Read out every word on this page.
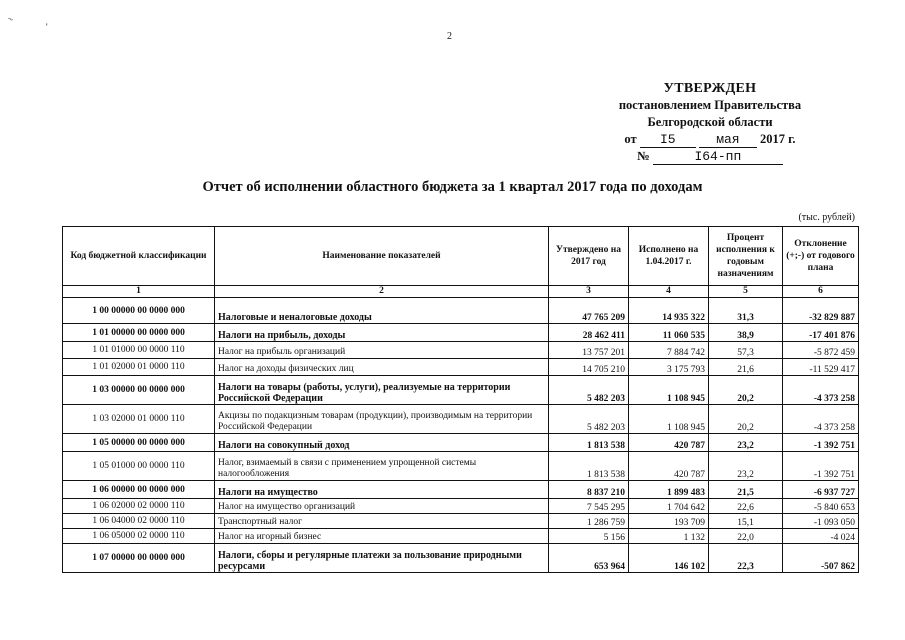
~
'
2
УТВЕРЖДЕН
постановлением Правительства
Белгородской области
от I5	мая 2017 г.
№	I64-пп
Отчет об исполнении областного бюджета за 1 квартал 2017 года по доходам
(тыс. рублей)
Код бюджетной классификации	Наименование показателей	Утверждено на 2017 год	Исполнено на 1.04.2017 г.	Процент исполнения к годовым назначениям	Отклонение (+;-) от годового плана
1	2	3	4	5	6
1 00 00000 00 0000 000	Налоговые и неналоговые доходы	47 765 209	14 935 322	31,3	-32 829 887
1 01 00000 00 0000 000	Налоги на прибыль, доходы	28 462 411	11 060 535	38,9	-17 401 876
1 01 01000 00 0000 110	Налог на прибыль организаций	13 757 201	7 884 742	57,3	-5 872 459
1 01 02000 01 0000 110	Налог на доходы физических лиц	14 705 210	3 175 793	21,6	-11 529 417
1 03 00000 00 0000 000	Налоги на товары (работы, услуги), реализуемые на территории Российской Федерации	5 482 203	1 108 945	20,2	-4 373 258
1 03 02000 01 0000 110	Акцизы по подакцизным товарам (продукции), производимым на территории Российской Федерации	5 482 203	1 108 945	20,2	-4 373 258
1 05 00000 00 0000 000	Налоги на совокупный доход	1 813 538	420 787	23,2	-1 392 751
1 05 01000 00 0000 110	Налог, взимаемый в связи с применением упрощенной системы налогообложения	1 813 538	420 787	23,2	-1 392 751
1 06 00000 00 0000 000	Налоги на имущество	8 837 210	1 899 483	21,5	-6 937 727
1 06 02000 02 0000 110	Налог на имущество организаций	7 545 295	1 704 642	22,6	-5 840 653
1 06 04000 02 0000 110	Транспортный налог	1 286 759	193 709	15,1	-1 093 050
1 06 05000 02 0000 110	Налог на игорный бизнес	5 156	1 132	22,0	-4 024
1 07 00000 00 0000 000	Налоги, сборы и регулярные платежи за пользование природными ресурсами	653 964	146 102	22,3	-507 862
